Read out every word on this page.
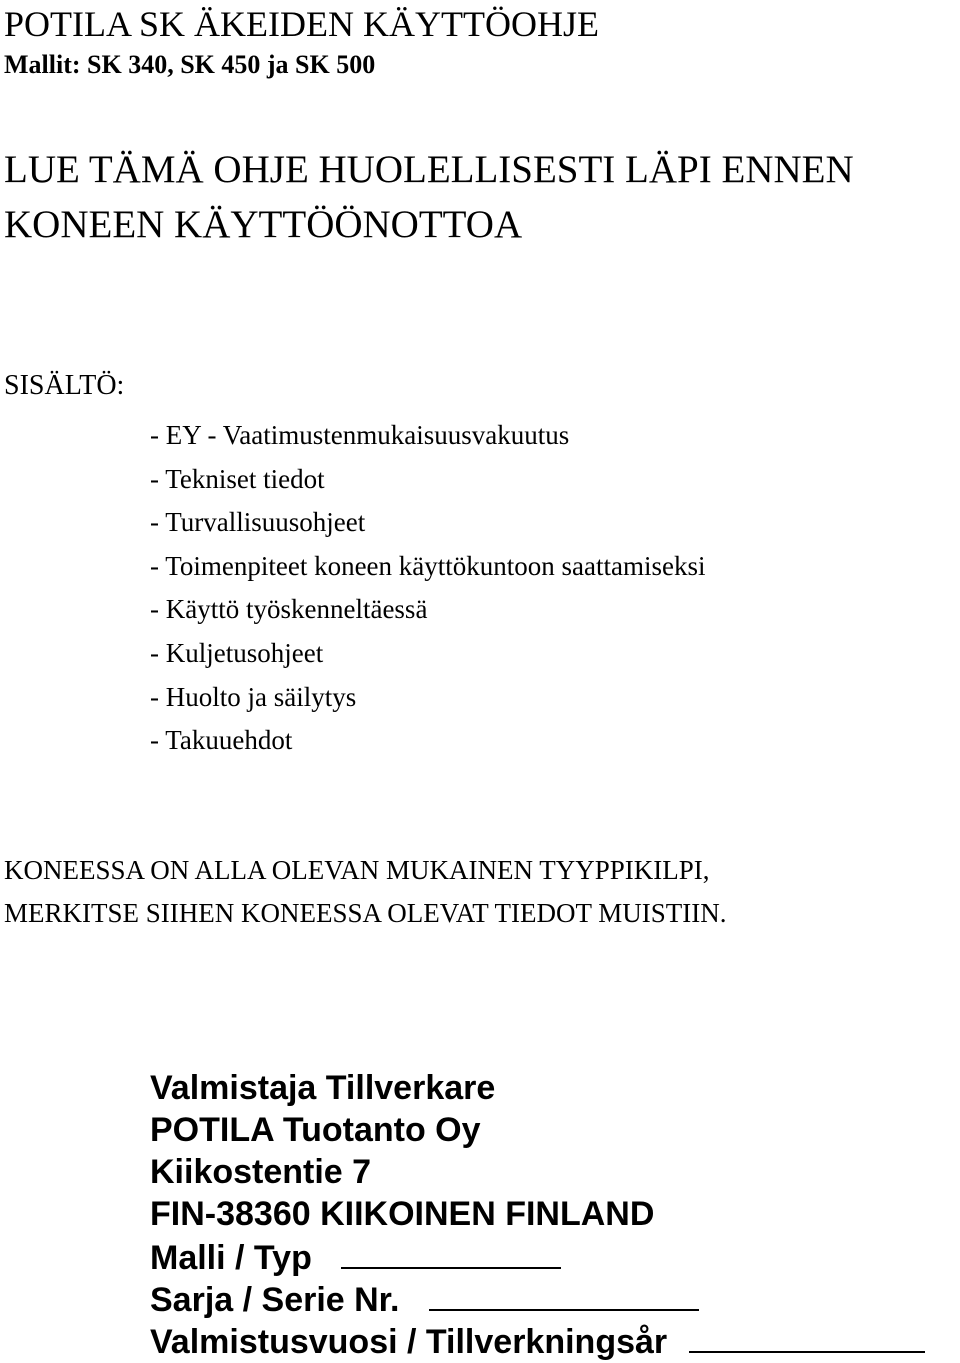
POTILA SK ÄKEIDEN KÄYTTÖOHJE
Mallit: SK 340, SK 450 ja SK 500
LUE TÄMÄ OHJE HUOLELLISESTI LÄPI ENNEN
KONEEN KÄYTTÖÖNOTTOA
SISÄLTÖ:
- EY - Vaatimustenmukaisuusvakuutus
- Tekniset tiedot
- Turvallisuusohjeet
- Toimenpiteet koneen käyttökuntoon saattamiseksi
- Käyttö työskenneltäessä
- Kuljetusohjeet
- Huolto ja säilytys
- Takuuehdot
KONEESSA ON ALLA OLEVAN MUKAINEN TYYPPIKILPI,
MERKITSE SIIHEN KONEESSA OLEVAT TIEDOT MUISTIIN.
Valmistaja Tillverkare
POTILA Tuotanto Oy
Kiikostentie 7
FIN-38360 KIIKOINEN FINLAND
Malli / Typ
Sarja / Serie Nr.
Valmistusvuosi / Tillverkningsår
